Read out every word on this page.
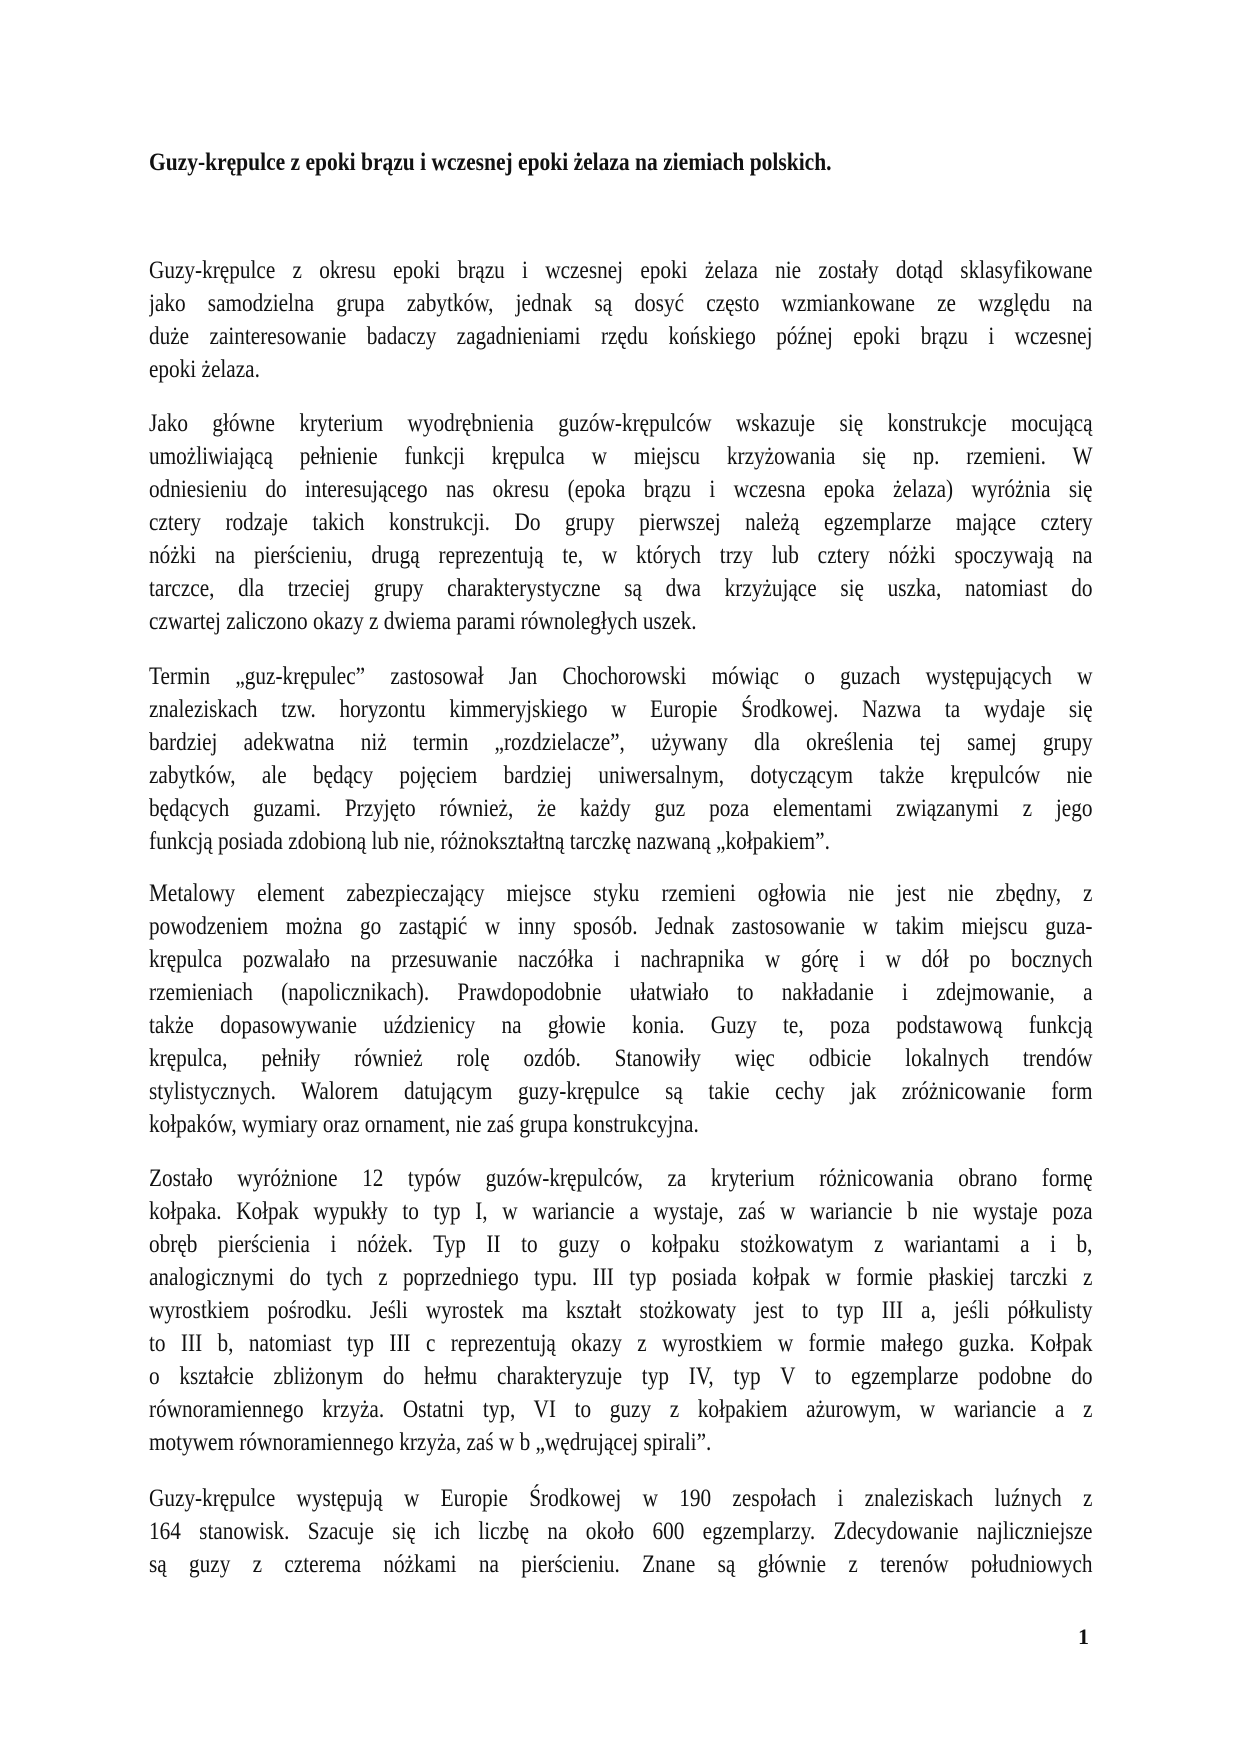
Guzy-krępulce z epoki brązu i wczesnej epoki żelaza na ziemiach polskich.
Guzy-krępulce z okresu epoki brązu i wczesnej epoki żelaza nie zostały dotąd sklasyfikowane
jako samodzielna grupa zabytków, jednak są dosyć często wzmiankowane ze względu na
duże zainteresowanie badaczy zagadnieniami rzędu końskiego późnej epoki brązu i wczesnej
epoki żelaza.
Jako główne kryterium wyodrębnienia guzów-krępulców wskazuje się konstrukcje mocującą
umożliwiającą pełnienie funkcji krępulca w miejscu krzyżowania się np. rzemieni. W
odniesieniu do interesującego nas okresu (epoka brązu i wczesna epoka żelaza) wyróżnia się
cztery rodzaje takich konstrukcji. Do grupy pierwszej należą egzemplarze mające cztery
nóżki na pierścieniu, drugą reprezentują te, w których trzy lub cztery nóżki spoczywają na
tarczce, dla trzeciej grupy charakterystyczne są dwa krzyżujące się uszka, natomiast do
czwartej zaliczono okazy z dwiema parami równoległych uszek.
Termin „guz-krępulec” zastosował Jan Chochorowski mówiąc o guzach występujących w
znaleziskach tzw. horyzontu kimmeryjskiego w Europie Środkowej. Nazwa ta wydaje się
bardziej adekwatna niż termin „rozdzielacze”, używany dla określenia tej samej grupy
zabytków, ale będący pojęciem bardziej uniwersalnym, dotyczącym także krępulców nie
będących guzami. Przyjęto również, że każdy guz poza elementami związanymi z jego
funkcją posiada zdobioną lub nie, różnokształtną tarczkę nazwaną „kołpakiem”.
Metalowy element zabezpieczający miejsce styku rzemieni ogłowia nie jest nie zbędny, z
powodzeniem można go zastąpić w inny sposób. Jednak zastosowanie w takim miejscu guza-
krępulca pozwalało na przesuwanie naczółka i nachrapnika w górę i w dół po bocznych
rzemieniach (napolicznikach). Prawdopodobnie ułatwiało to nakładanie i zdejmowanie, a
także dopasowywanie uździenicy na głowie konia. Guzy te, poza podstawową funkcją
krępulca, pełniły również rolę ozdób. Stanowiły więc odbicie lokalnych trendów
stylistycznych. Walorem datującym guzy-krępulce są takie cechy jak zróżnicowanie form
kołpaków, wymiary oraz ornament, nie zaś grupa konstrukcyjna.
Zostało wyróżnione 12 typów guzów-krępulców, za kryterium różnicowania obrano formę
kołpaka. Kołpak wypukły to typ I, w wariancie a wystaje, zaś w wariancie b nie wystaje poza
obręb pierścienia i nóżek. Typ II to guzy o kołpaku stożkowatym z wariantami a i b,
analogicznymi do tych z poprzedniego typu. III typ posiada kołpak w formie płaskiej tarczki z
wyrostkiem pośrodku. Jeśli wyrostek ma kształt stożkowaty jest to typ III a, jeśli półkulisty
to III b, natomiast typ III c reprezentują okazy z wyrostkiem w formie małego guzka. Kołpak
o kształcie zbliżonym do hełmu charakteryzuje typ IV, typ V to egzemplarze podobne do
równoramiennego krzyża. Ostatni typ, VI to guzy z kołpakiem ażurowym, w wariancie a z
motywem równoramiennego krzyża, zaś w b „wędrującej spirali”.
Guzy-krępulce występują w Europie Środkowej w 190 zespołach i znaleziskach luźnych z
164 stanowisk. Szacuje się ich liczbę na około 600 egzemplarzy. Zdecydowanie najliczniejsze
są guzy z czterema nóżkami na pierścieniu. Znane są głównie z terenów południowych
1
